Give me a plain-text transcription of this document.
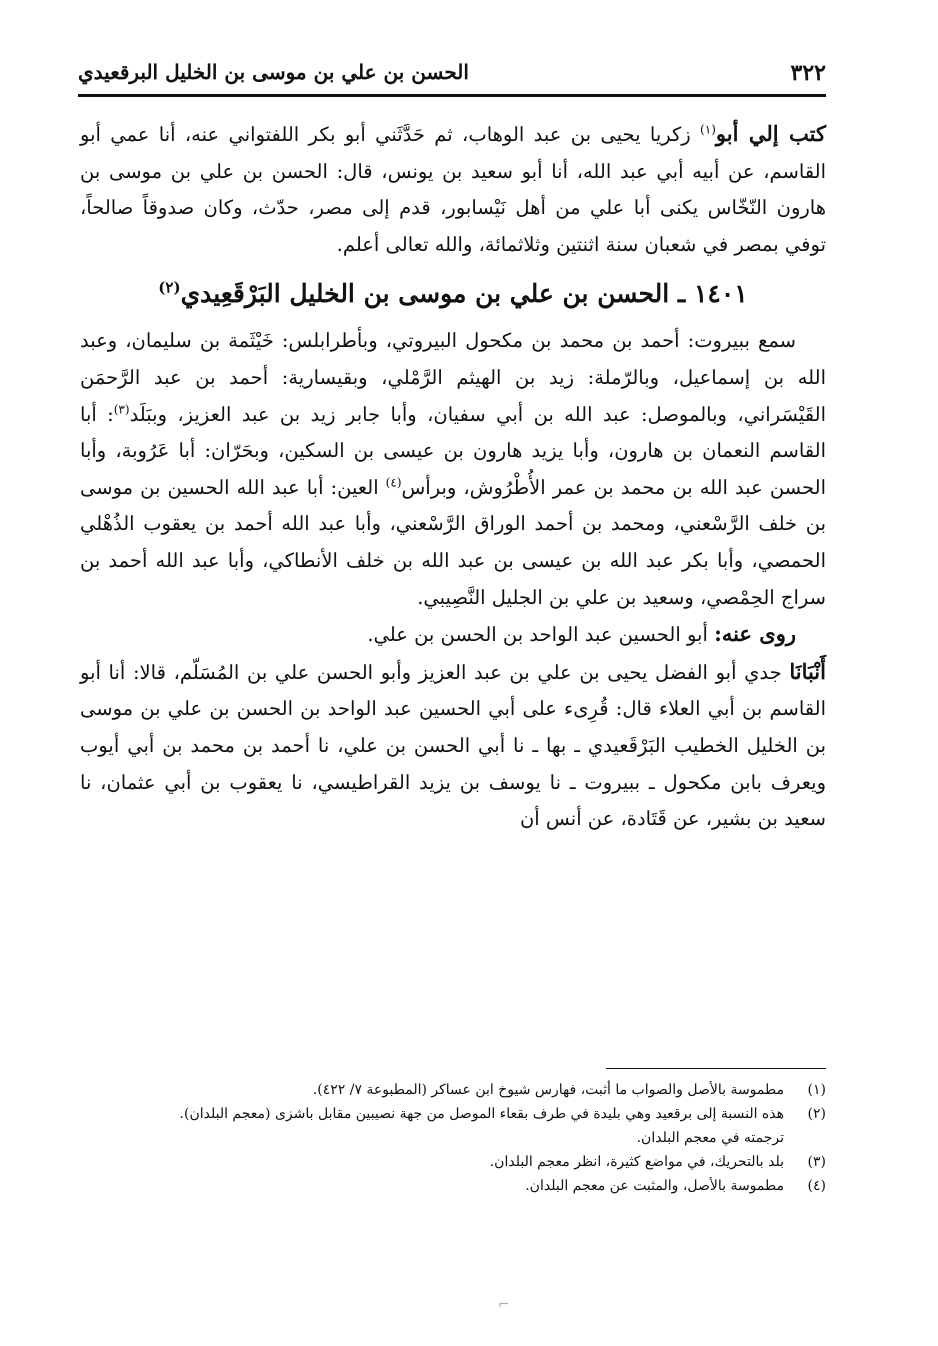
٣٢٢
الحسن بن علي بن موسى بن الخليل البرقعيدي

كتب إلي أبو$^{(١)}$ زكريا يحيى بن عبد الوهاب، ثم حَدَّثَني أبو بكر اللفتواني عنه، أنا عمي أبو القاسم، عن أبيه أبي عبد الله، أنا أبو سعيد بن يونس، قال: الحسن بن علي بن موسى بن هارون النّخّاس يكنى أبا علي من أهل نَيْسابور، قدم إلى مصر، حدّث، وكان صدوقاً صالحاً، توفي بمصر في شعبان سنة اثنتين وثلاثمائة، والله تعالى أعلم.

١٤٠١ ـ الحسن بن علي بن موسى بن الخليل البَرْقَعِيدي$^{(٢)}$

سمع ببيروت: أحمد بن محمد بن مكحول البيروتي، وبأطرابلس: خَيْثَمة بن سليمان، وعبد الله بن إسماعيل، وبالرّملة: زيد بن الهيثم الرَّمْلي، وبقيسارية: أحمد بن عبد الرَّحمَن القَيْسَراني، وبالموصل: عبد الله بن أبي سفيان، وأبا جابر زيد بن عبد العزيز، وببَلَد$^{(٣)}$: أبا القاسم النعمان بن هارون، وأبا يزيد هارون بن عيسى بن السكين، وبحَرّان: أبا عَرُوبة، وأبا الحسن عبد الله بن محمد بن عمر الأُطْرُوش، وبرأس$^{(٤)}$ العين: أبا عبد الله الحسين بن موسى بن خلف الرَّسْعني، ومحمد بن أحمد الوراق الرَّسْعني، وأبا عبد الله أحمد بن يعقوب الذُهْلي الحمصي، وأبا بكر عبد الله بن عيسى بن عبد الله بن خلف الأنطاكي، وأبا عبد الله أحمد بن سراج الحِمْصي، وسعيد بن علي بن الجليل النَّصِيبي.

روى عنه: أبو الحسين عبد الواحد بن الحسن بن علي.

أَنْبَانَا جدي أبو الفضل يحيى بن علي بن عبد العزيز وأبو الحسن علي بن المُسَلّم، قالا: أنا أبو القاسم بن أبي العلاء قال: قُرِىء على أبي الحسين عبد الواحد بن الحسن بن علي بن موسى بن الخليل الخطيب البَرْقَعيدي ـ بها ـ نا أبي الحسن بن علي، نا أحمد بن محمد بن أبي أيوب ويعرف بابن مكحول ـ ببيروت ـ نا يوسف بن يزيد القراطيسي، نا يعقوب بن أبي عثمان، نا سعيد بن بشير، عن قَتَادة، عن أنس أن

(١)
مطموسة بالأصل والصواب ما أثبت، فهارس شيوخ ابن عساكر (المطبوعة ٧/ ٤٢٢).
(٢)
هذه النسبة إلى برقعيد وهي بليدة في طرف بقعاء الموصل من جهة نصيبين مقابل باشزى (معجم البلدان).
ترجمته في معجم البلدان.
(٣)
بلد بالتحريك، في مواضع كثيرة، انظر معجم البلدان.
(٤)
مطموسة بالأصل، والمثبت عن معجم البلدان.
⌐
